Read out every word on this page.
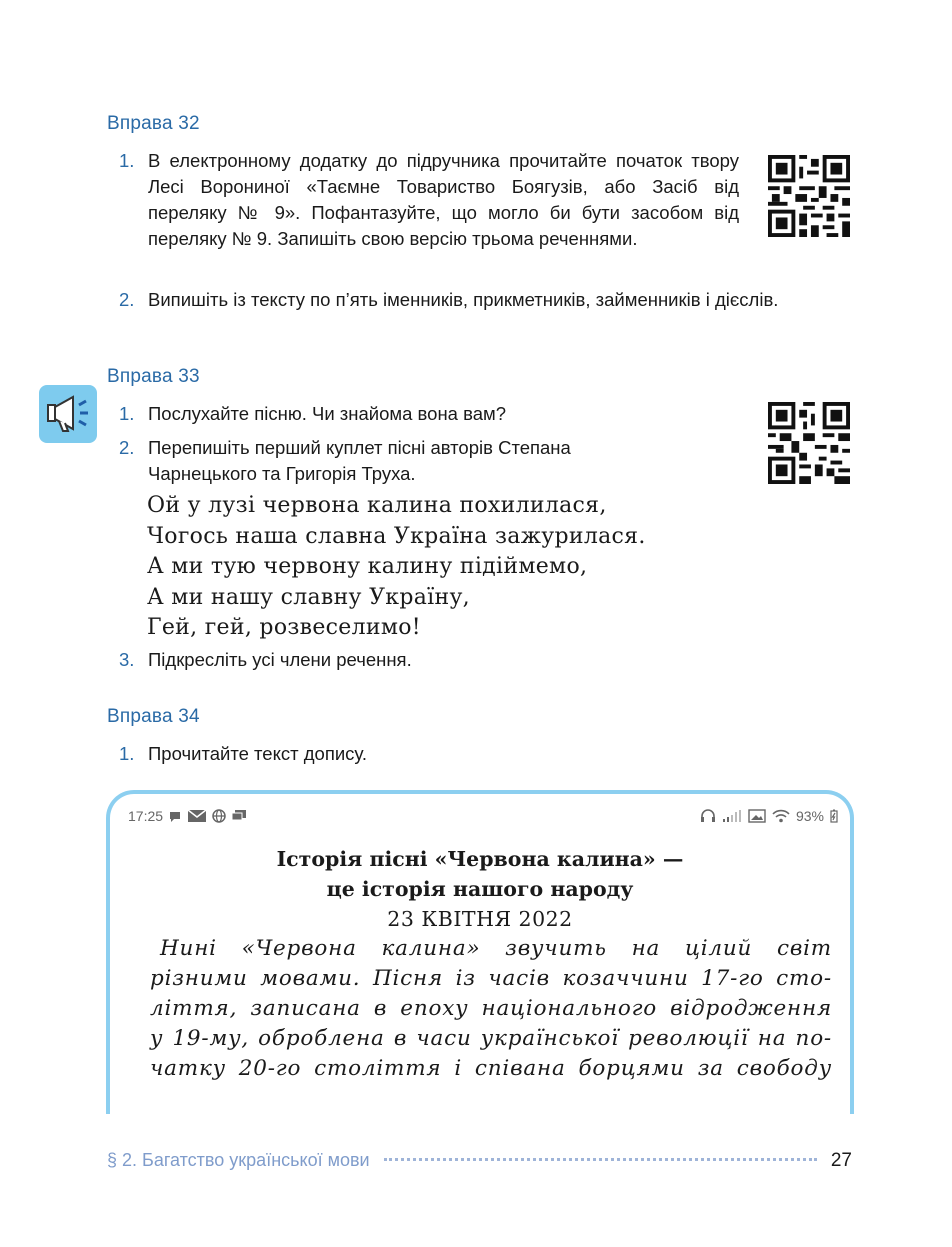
Вправа 32
1. В електронному додатку до підручника прочитайте початок твору Лесі Ворониної «Таємне Товариство Боягузів, або Засіб від переляку № 9». Пофантазуйте, що могло би бути засобом від переляку № 9. Запишіть свою версію трьома реченнями.
2. Випишіть із тексту по п’ять іменників, прикметників, займенників і дієслів.
Вправа 33
1. Послухайте пісню. Чи знайома вона вам?
2. Перепишіть перший куплет пісні авторів Степана Чарнецького та Григорія Труха.
Ой у лузі червона калина похилилася,
Чогось наша славна Україна зажурилася.
А ми тую червону калину підіймемо,
А ми нашу славну Україну,
Гей, гей, розвеселимо!
3. Підкресліть усі члени речення.
Вправа 34
1. Прочитайте текст допису.
17:25	93%
Історія пісні «Червона калина» —
це історія нашого народу
23 КВІТНЯ 2022
Нині «Червона калина» звучить на цілий світ
різними мовами. Пісня із часів козаччини 17-го сто-
ліття, записана в епоху національного відродження
у 19-му, оброблена в часи української революції на по-
чатку 20-го століття і співана борцями за свободу
§ 2. Багатство української мови	27
